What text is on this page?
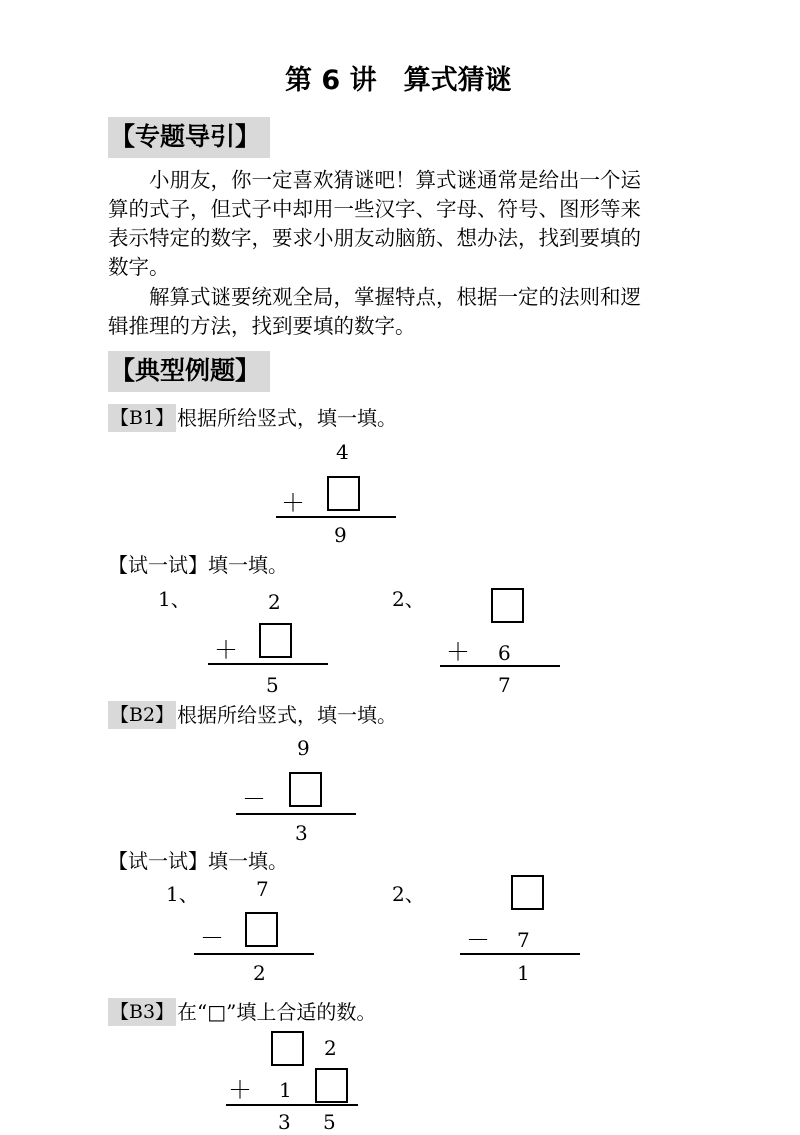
第 6 讲　算式猜谜
【专题导引】
小朋友，你一定喜欢猜谜吧！算式谜通常是给出一个运
算的式子，但式子中却用一些汉字、字母、符号、图形等来
表示特定的数字，要求小朋友动脑筋、想办法，找到要填的
数字。
解算式谜要统观全局，掌握特点，根据一定的法则和逻
辑推理的方法，找到要填的数字。
【典型例题】
【B1】 根据所给竖式，填一填。
4
＋
9
【试一试】填一填。
1、	2
＋
5
2、
＋ 6
7
【B2】 根据所给竖式，填一填。
9
－
3
【试一试】填一填。
1、	7
－
2
2、
－ 7
1
【B3】 在“□”填上合适的数。
2
＋ 1
3 5
